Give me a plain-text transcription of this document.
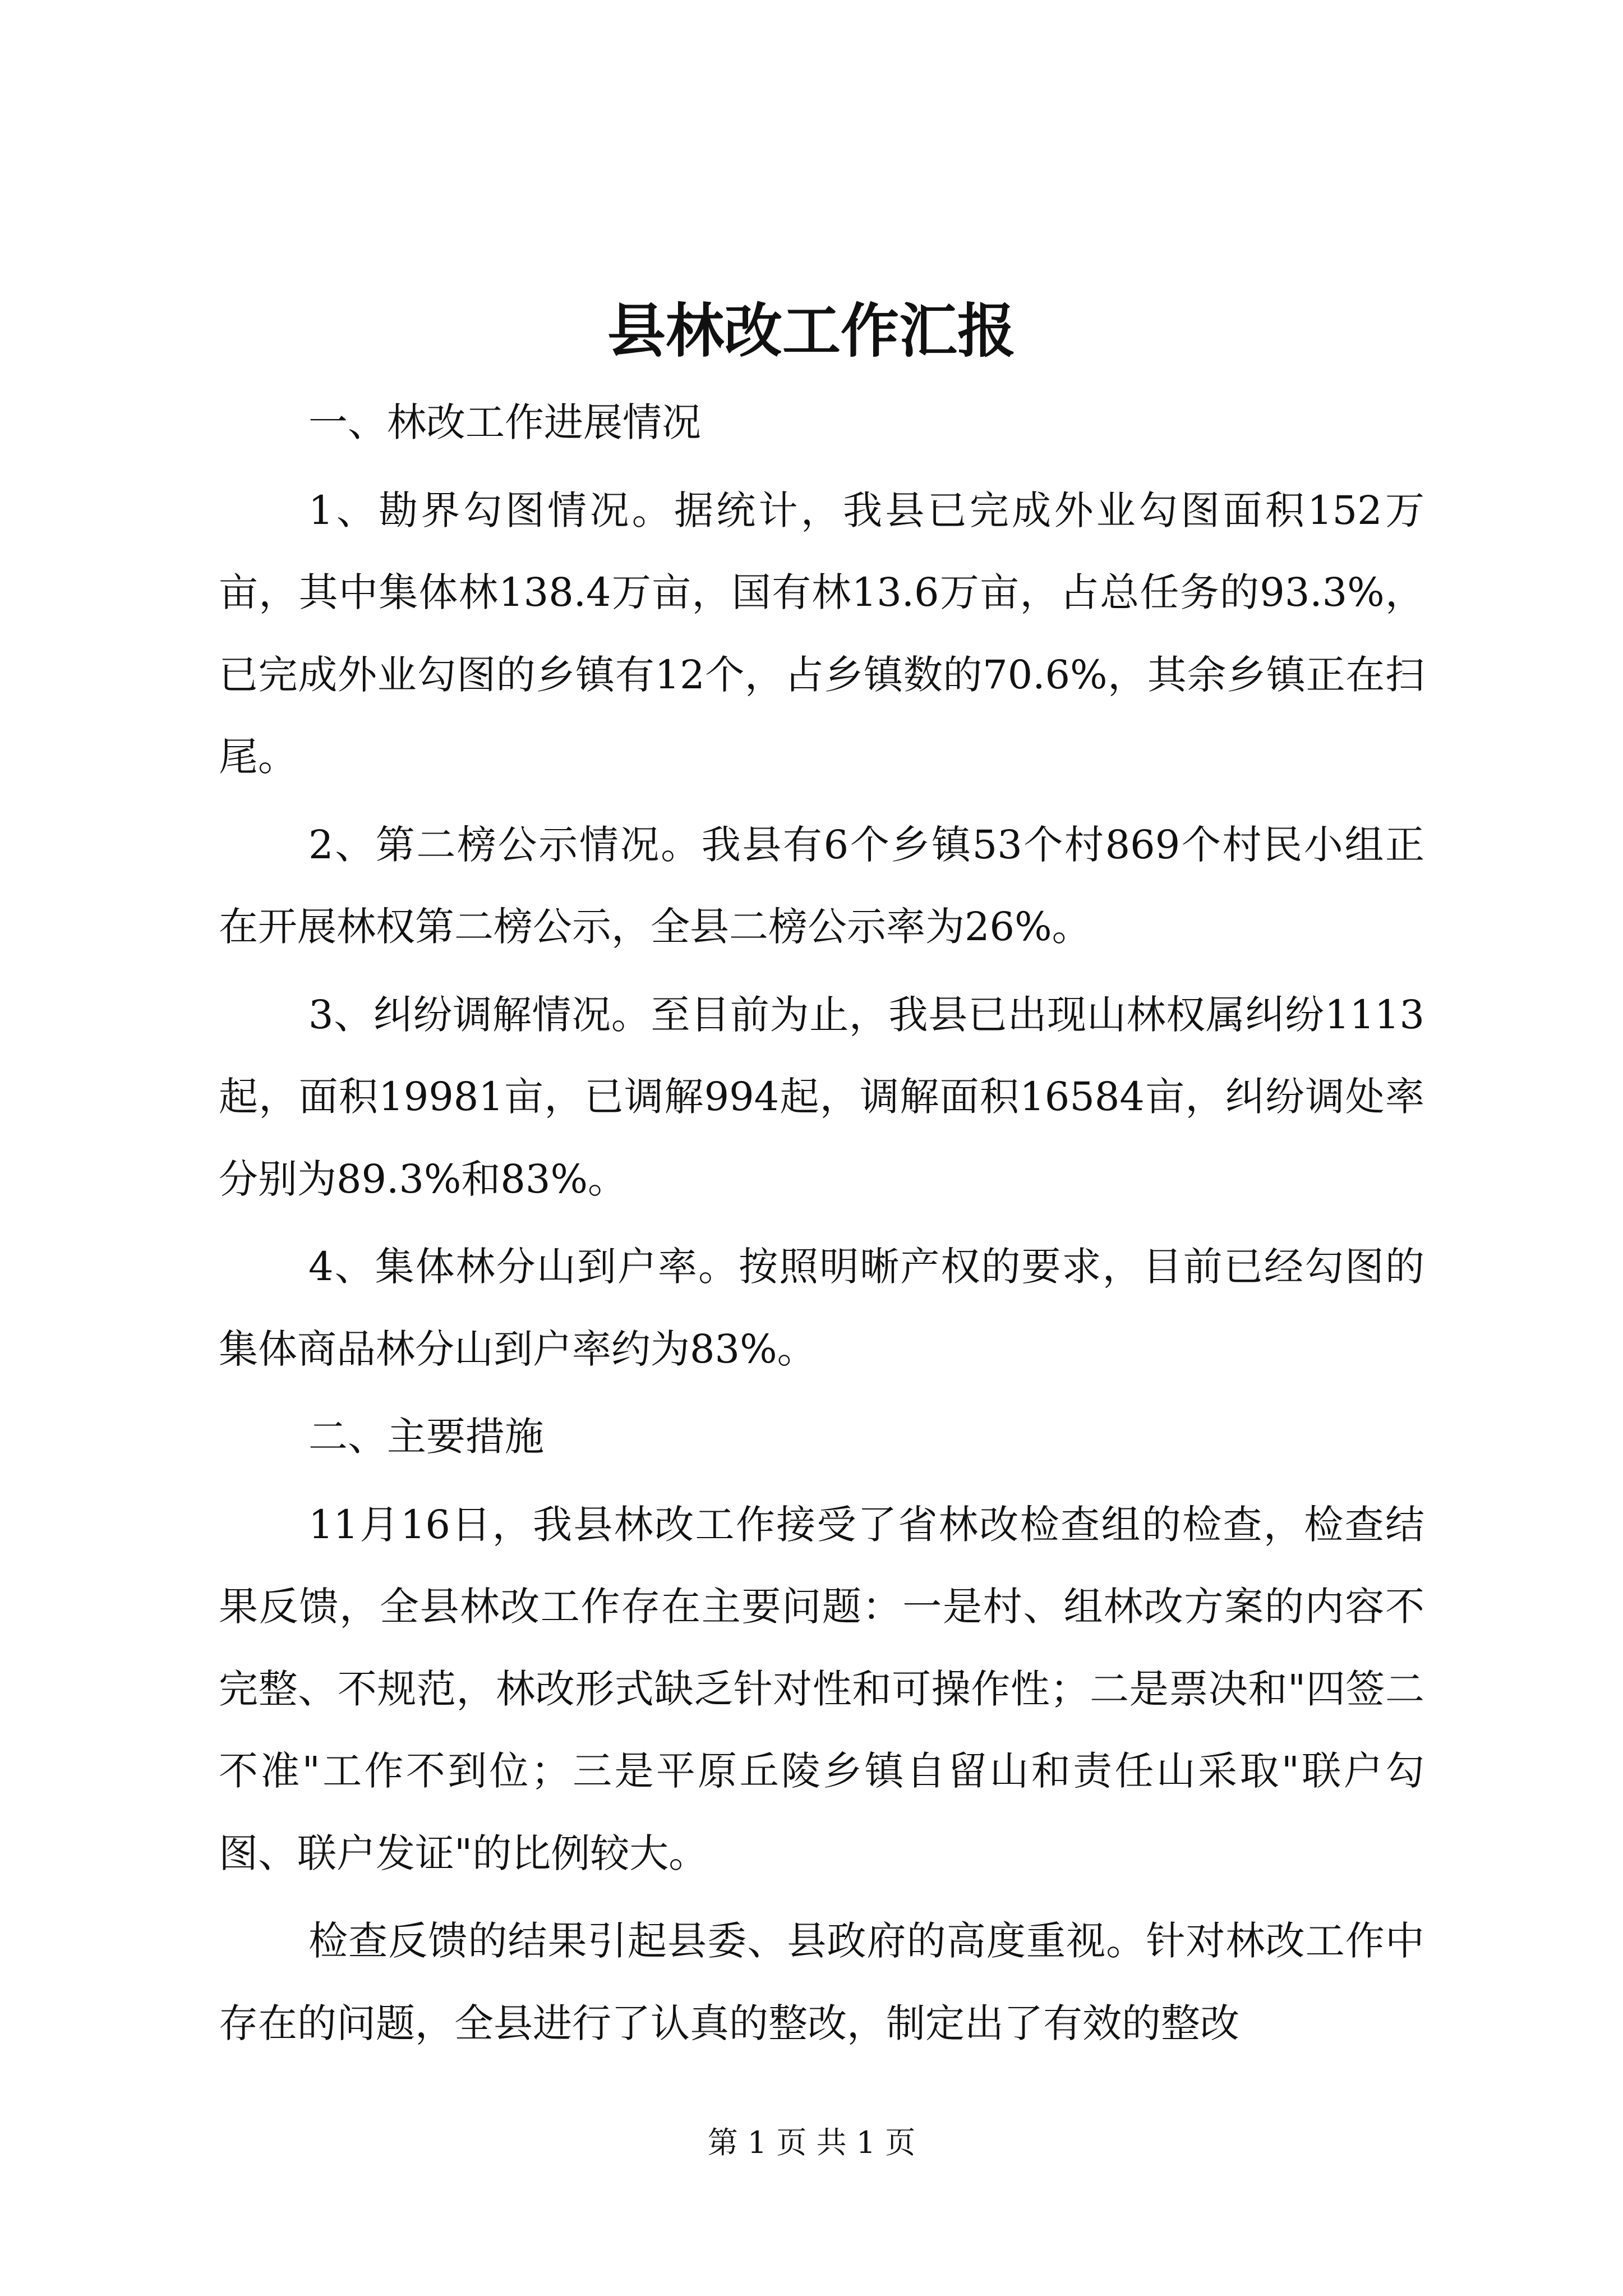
县林改工作汇报

一、林改工作进展情况

1、勘界勾图情况。据统计，我县已完成外业勾图面积152万亩，其中集体林138.4万亩，国有林13.6万亩，占总任务的93.3%，已完成外业勾图的乡镇有12个，占乡镇数的70.6%，其余乡镇正在扫尾。

2、第二榜公示情况。我县有6个乡镇53个村869个村民小组正在开展林权第二榜公示，全县二榜公示率为26%。

3、纠纷调解情况。至目前为止，我县已出现山林权属纠纷1113起，面积19981亩，已调解994起，调解面积16584亩，纠纷调处率分别为89.3%和83%。

4、集体林分山到户率。按照明晰产权的要求，目前已经勾图的集体商品林分山到户率约为83%。

二、主要措施

11月16日，我县林改工作接受了省林改检查组的检查，检查结果反馈，全县林改工作存在主要问题：一是村、组林改方案的内容不完整、不规范，林改形式缺乏针对性和可操作性；二是票决和"四签二不准"工作不到位；三是平原丘陵乡镇自留山和责任山采取"联户勾图、联户发证"的比例较大。

检查反馈的结果引起县委、县政府的高度重视。针对林改工作中存在的问题，全县进行了认真的整改，制定出了有效的整改

第 1 页 共 1 页
